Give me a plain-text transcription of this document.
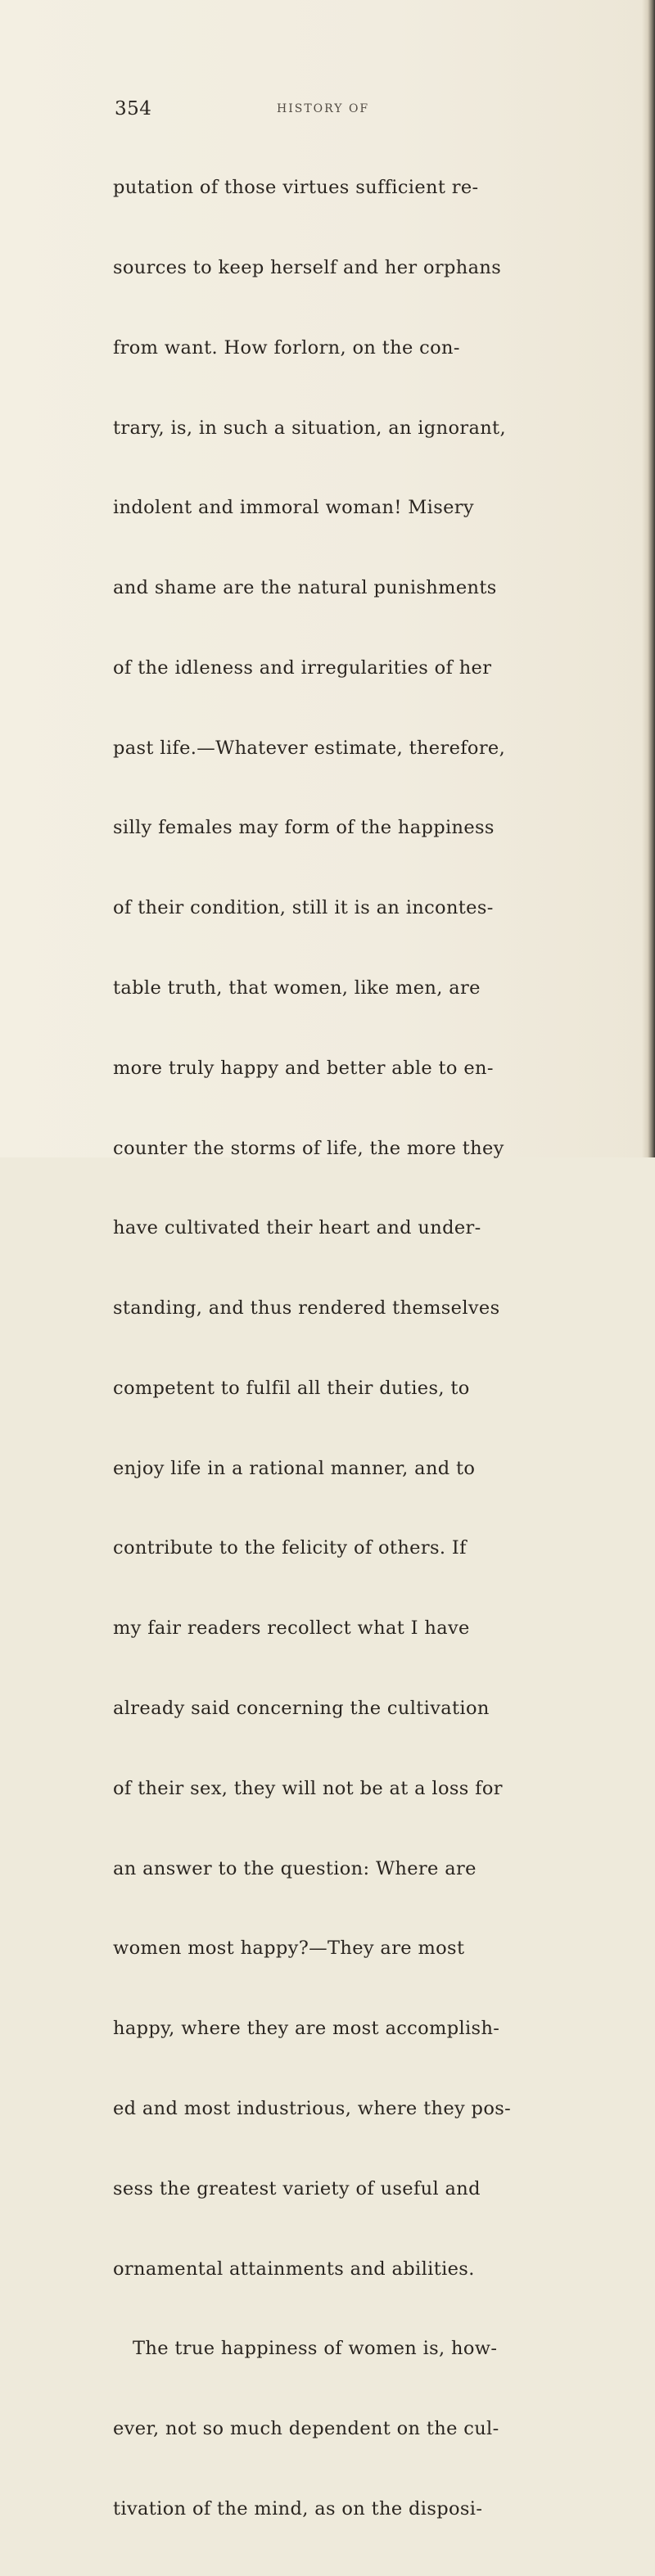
354	HISTORY OF

putation of those virtues sufficient re-

sources to keep herself and her orphans

from want. How forlorn, on the con-

trary, is, in such a situation, an ignorant,

indolent and immoral woman! Misery

and shame are the natural punishments

of the idleness and irregularities of her

past life.—Whatever estimate, therefore,

silly females may form of the happiness

of their condition, still it is an incontes-

table truth, that women, like men, are

more truly happy and better able to en-

counter the storms of life, the more they

have cultivated their heart and under-

standing, and thus rendered themselves

competent to fulfil all their duties, to

enjoy life in a rational manner, and to

contribute to the felicity of others. If

my fair readers recollect what I have

already said concerning the cultivation

of their sex, they will not be at a loss for

an answer to the question: Where are

women most happy?—They are most

happy, where they are most accomplish-

ed and most industrious, where they pos-

sess the greatest variety of useful and

ornamental attainments and abilities.

The true happiness of women is, how-

ever, not so much dependent on the cul-

tivation of the mind, as on the disposi-
